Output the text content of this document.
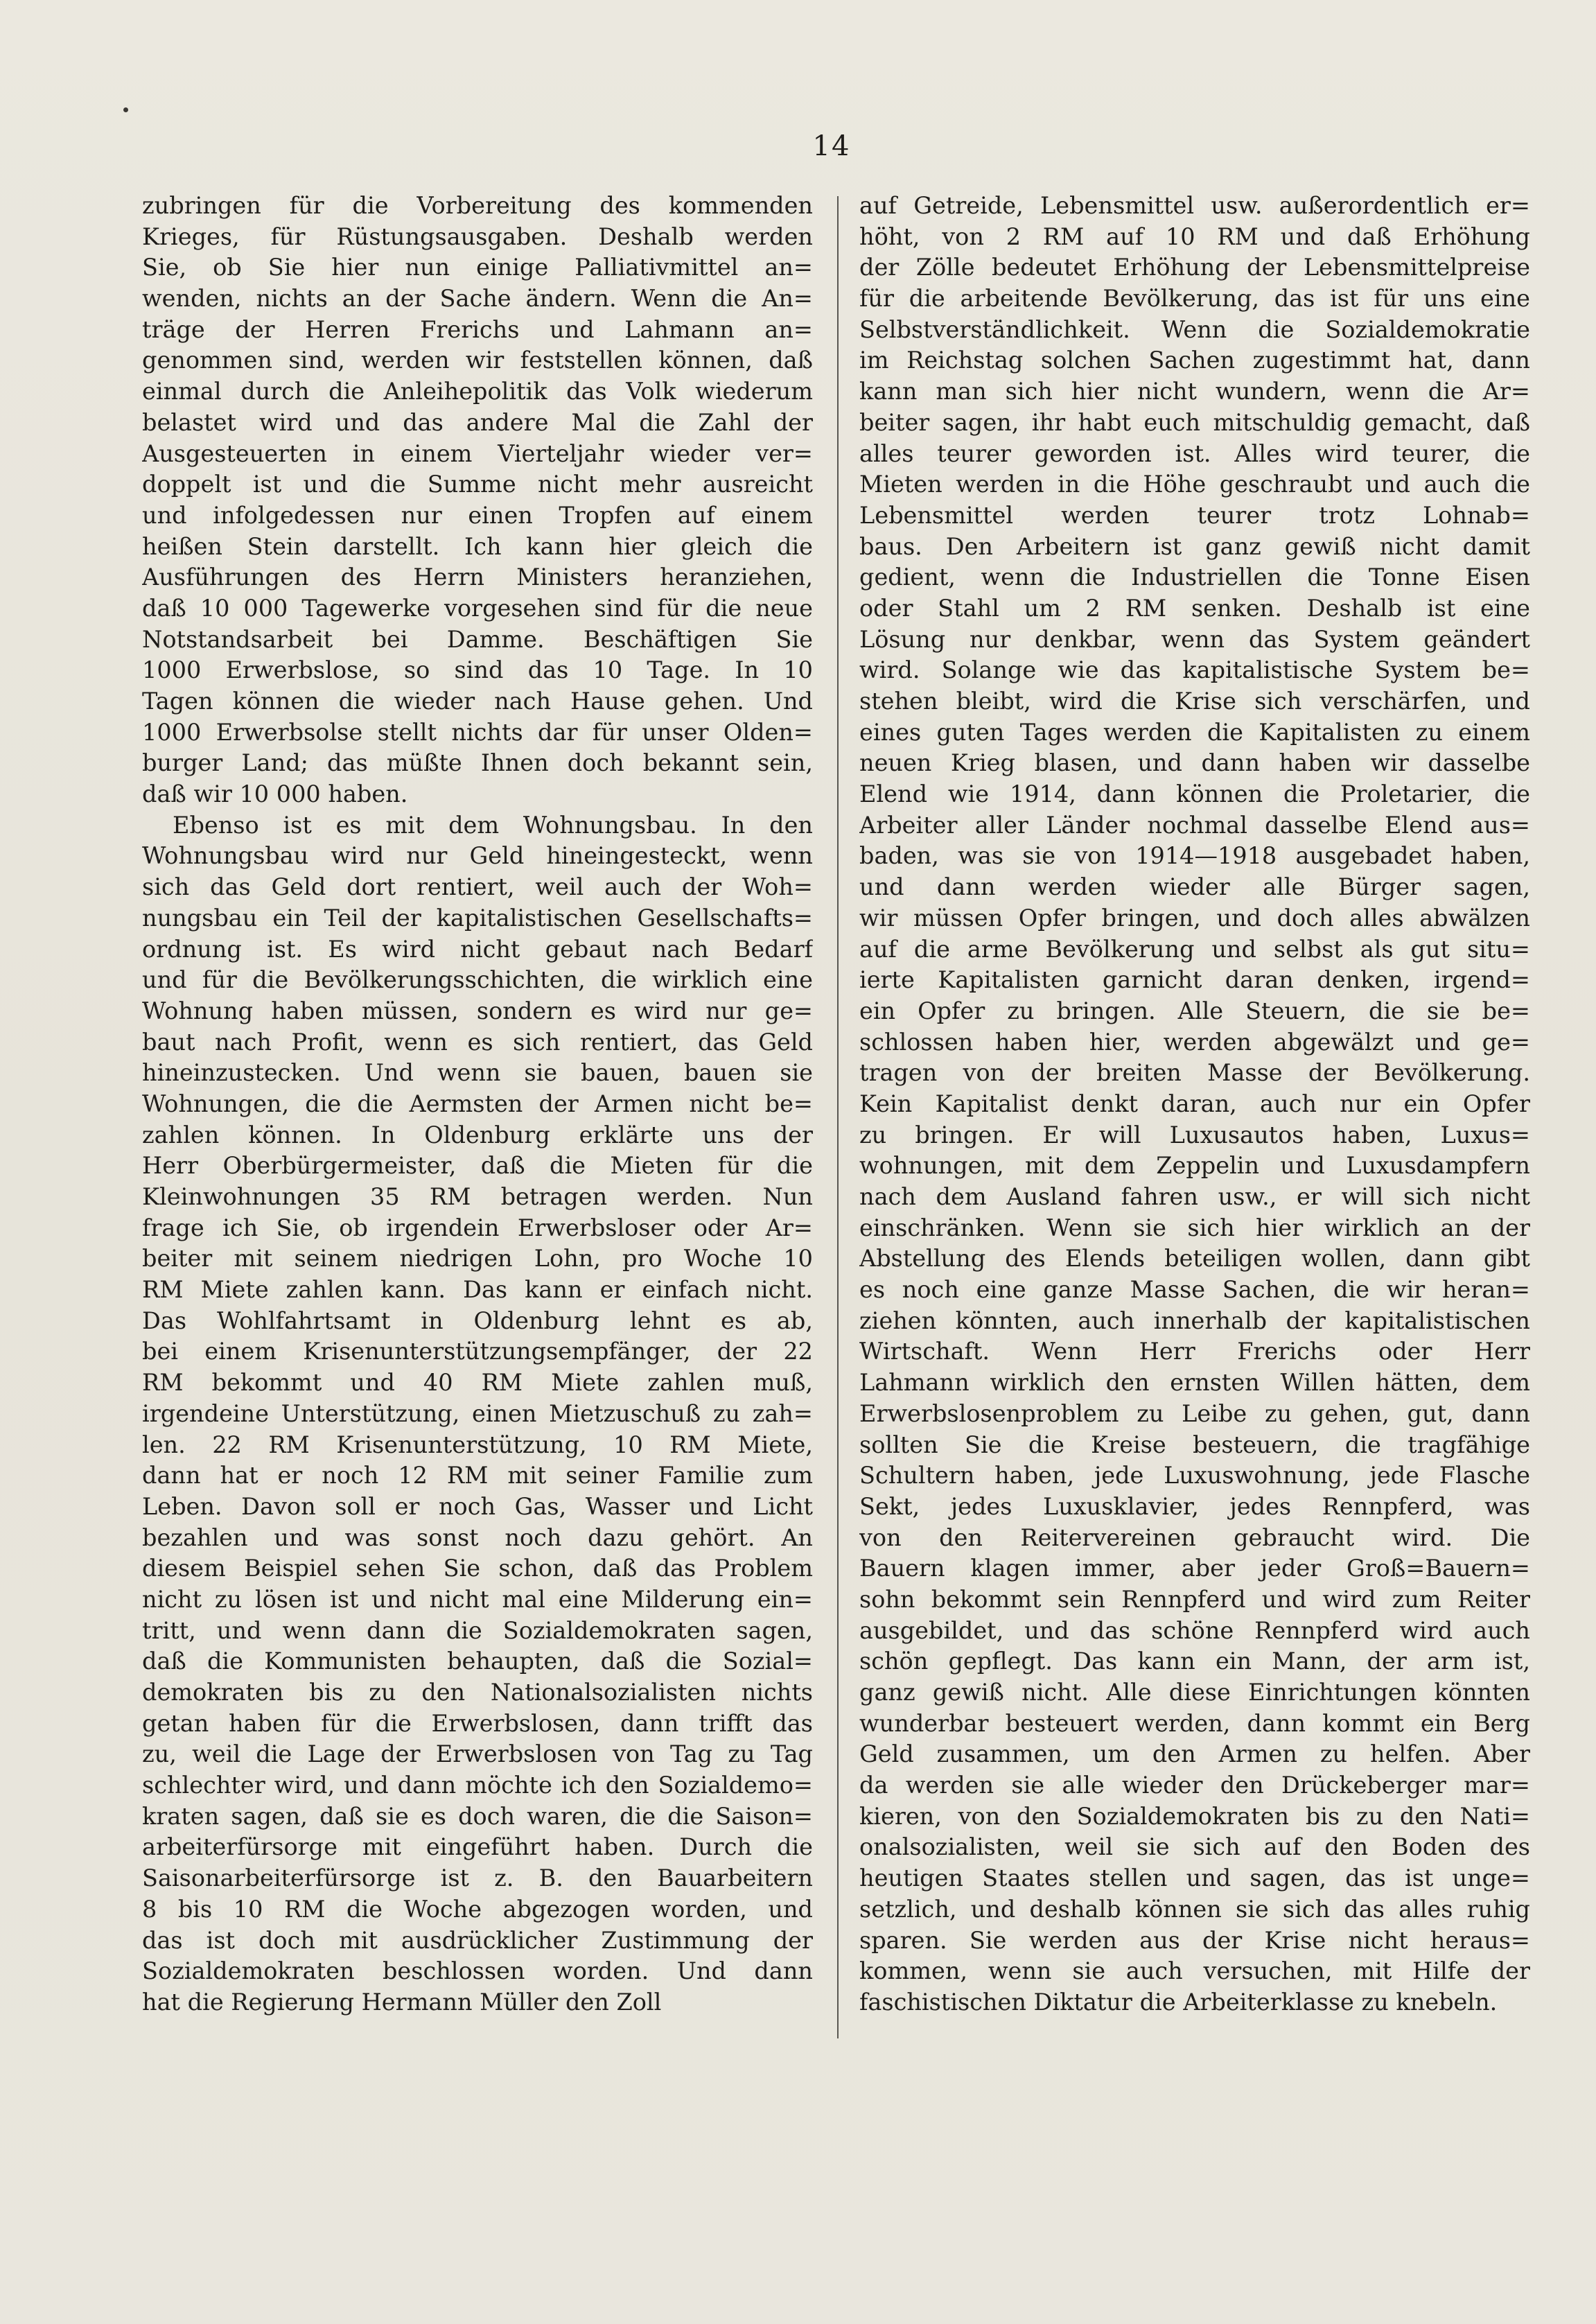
14
zubringen für die Vorbereitung des kommenden
Krieges, für Rüstungsausgaben. Deshalb werden
Sie, ob Sie hier nun einige Palliativmittel an=
wenden, nichts an der Sache ändern. Wenn die An=
träge der Herren Frerichs und Lahmann an=
genommen sind, werden wir feststellen können, daß
einmal durch die Anleihepolitik das Volk wiederum
belastet wird und das andere Mal die Zahl der
Ausgesteuerten in einem Vierteljahr wieder ver=
doppelt ist und die Summe nicht mehr ausreicht
und infolgedessen nur einen Tropfen auf einem
heißen Stein darstellt. Ich kann hier gleich die
Ausführungen des Herrn Ministers heranziehen,
daß 10 000 Tagewerke vorgesehen sind für die neue
Notstandsarbeit bei Damme. Beschäftigen Sie
1000 Erwerbslose, so sind das 10 Tage. In 10
Tagen können die wieder nach Hause gehen. Und
1000 Erwerbsolse stellt nichts dar für unser Olden=
burger Land; das müßte Ihnen doch bekannt sein,
daß wir 10 000 haben.
Ebenso ist es mit dem Wohnungsbau. In den
Wohnungsbau wird nur Geld hineingesteckt, wenn
sich das Geld dort rentiert, weil auch der Woh=
nungsbau ein Teil der kapitalistischen Gesellschafts=
ordnung ist. Es wird nicht gebaut nach Bedarf
und für die Bevölkerungsschichten, die wirklich eine
Wohnung haben müssen, sondern es wird nur ge=
baut nach Profit, wenn es sich rentiert, das Geld
hineinzustecken. Und wenn sie bauen, bauen sie
Wohnungen, die die Aermsten der Armen nicht be=
zahlen können. In Oldenburg erklärte uns der
Herr Oberbürgermeister, daß die Mieten für die
Kleinwohnungen 35 RM betragen werden. Nun
frage ich Sie, ob irgendein Erwerbsloser oder Ar=
beiter mit seinem niedrigen Lohn, pro Woche 10
RM Miete zahlen kann. Das kann er einfach nicht.
Das Wohlfahrtsamt in Oldenburg lehnt es ab,
bei einem Krisenunterstützungsempfänger, der 22
RM bekommt und 40 RM Miete zahlen muß,
irgendeine Unterstützung, einen Mietzuschuß zu zah=
len. 22 RM Krisenunterstützung, 10 RM Miete,
dann hat er noch 12 RM mit seiner Familie zum
Leben. Davon soll er noch Gas, Wasser und Licht
bezahlen und was sonst noch dazu gehört. An
diesem Beispiel sehen Sie schon, daß das Problem
nicht zu lösen ist und nicht mal eine Milderung ein=
tritt, und wenn dann die Sozialdemokraten sagen,
daß die Kommunisten behaupten, daß die Sozial=
demokraten bis zu den Nationalsozialisten nichts
getan haben für die Erwerbslosen, dann trifft das
zu, weil die Lage der Erwerbslosen von Tag zu Tag
schlechter wird, und dann möchte ich den Sozialdemo=
kraten sagen, daß sie es doch waren, die die Saison=
arbeiterfürsorge mit eingeführt haben. Durch die
Saisonarbeiterfürsorge ist z. B. den Bauarbeitern
8 bis 10 RM die Woche abgezogen worden, und
das ist doch mit ausdrücklicher Zustimmung der
Sozialdemokraten beschlossen worden. Und dann
hat die Regierung Hermann Müller den Zoll
auf Getreide, Lebensmittel usw. außerordentlich er=
höht, von 2 RM auf 10 RM und daß Erhöhung
der Zölle bedeutet Erhöhung der Lebensmittelpreise
für die arbeitende Bevölkerung, das ist für uns eine
Selbstverständlichkeit. Wenn die Sozialdemokratie
im Reichstag solchen Sachen zugestimmt hat, dann
kann man sich hier nicht wundern, wenn die Ar=
beiter sagen, ihr habt euch mitschuldig gemacht, daß
alles teurer geworden ist. Alles wird teurer, die
Mieten werden in die Höhe geschraubt und auch die
Lebensmittel werden teurer trotz Lohnab=
baus. Den Arbeitern ist ganz gewiß nicht damit
gedient, wenn die Industriellen die Tonne Eisen
oder Stahl um 2 RM senken. Deshalb ist eine
Lösung nur denkbar, wenn das System geändert
wird. Solange wie das kapitalistische System be=
stehen bleibt, wird die Krise sich verschärfen, und
eines guten Tages werden die Kapitalisten zu einem
neuen Krieg blasen, und dann haben wir dasselbe
Elend wie 1914, dann können die Proletarier, die
Arbeiter aller Länder nochmal dasselbe Elend aus=
baden, was sie von 1914—1918 ausgebadet haben,
und dann werden wieder alle Bürger sagen,
wir müssen Opfer bringen, und doch alles abwälzen
auf die arme Bevölkerung und selbst als gut situ=
ierte Kapitalisten garnicht daran denken, irgend=
ein Opfer zu bringen. Alle Steuern, die sie be=
schlossen haben hier, werden abgewälzt und ge=
tragen von der breiten Masse der Bevölkerung.
Kein Kapitalist denkt daran, auch nur ein Opfer
zu bringen. Er will Luxusautos haben, Luxus=
wohnungen, mit dem Zeppelin und Luxusdampfern
nach dem Ausland fahren usw., er will sich nicht
einschränken. Wenn sie sich hier wirklich an der
Abstellung des Elends beteiligen wollen, dann gibt
es noch eine ganze Masse Sachen, die wir heran=
ziehen könnten, auch innerhalb der kapitalistischen
Wirtschaft. Wenn Herr Frerichs oder Herr
Lahmann wirklich den ernsten Willen hätten, dem
Erwerbslosenproblem zu Leibe zu gehen, gut, dann
sollten Sie die Kreise besteuern, die tragfähige
Schultern haben, jede Luxuswohnung, jede Flasche
Sekt, jedes Luxusklavier, jedes Rennpferd, was
von den Reitervereinen gebraucht wird. Die
Bauern klagen immer, aber jeder Groß=Bauern=
sohn bekommt sein Rennpferd und wird zum Reiter
ausgebildet, und das schöne Rennpferd wird auch
schön gepflegt. Das kann ein Mann, der arm ist,
ganz gewiß nicht. Alle diese Einrichtungen könnten
wunderbar besteuert werden, dann kommt ein Berg
Geld zusammen, um den Armen zu helfen. Aber
da werden sie alle wieder den Drückeberger mar=
kieren, von den Sozialdemokraten bis zu den Nati=
onalsozialisten, weil sie sich auf den Boden des
heutigen Staates stellen und sagen, das ist unge=
setzlich, und deshalb können sie sich das alles ruhig
sparen. Sie werden aus der Krise nicht heraus=
kommen, wenn sie auch versuchen, mit Hilfe der
faschistischen Diktatur die Arbeiterklasse zu knebeln.
